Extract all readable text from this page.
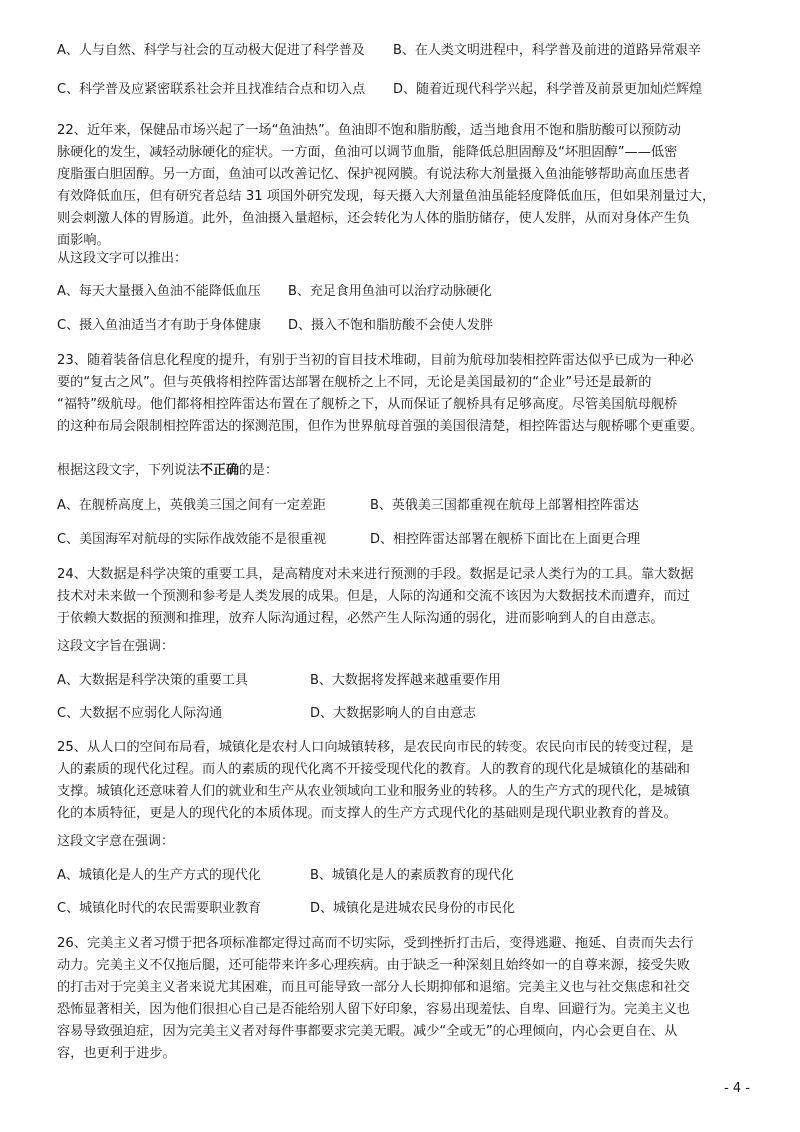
A、人与自然、科学与社会的互动极大促进了科学普及 B、在人类文明进程中，科学普及前进的道路异常艰辛
C、科学普及应紧密联系社会并且找准结合点和切入点 D、随着近现代科学兴起，科学普及前景更加灿烂辉煌
22、近年来，保健品市场兴起了一场“鱼油热”。鱼油即不饱和脂肪酸，适当地食用不饱和脂肪酸可以预防动
脉硬化的发生，减轻动脉硬化的症状。一方面，鱼油可以调节血脂，能降低总胆固醇及“坏胆固醇”——低密
度脂蛋白胆固醇。另一方面，鱼油可以改善记忆、保护视网膜。有说法称大剂量摄入鱼油能够帮助高血压患者
有效降低血压，但有研究者总结 31 项国外研究发现，每天摄入大剂量鱼油虽能轻度降低血压，但如果剂量过大，
则会刺激人体的胃肠道。此外，鱼油摄入量超标，还会转化为人体的脂肪储存，使人发胖，从而对身体产生负
面影响。
从这段文字可以推出：
A、每天大量摄入鱼油不能降低血压 B、充足食用鱼油可以治疗动脉硬化
C、摄入鱼油适当才有助于身体健康 D、摄入不饱和脂肪酸不会使人发胖
23、随着装备信息化程度的提升，有别于当初的盲目技术堆砌，目前为航母加装相控阵雷达似乎已成为一种必
要的“复古之风”。但与英俄将相控阵雷达部署在舰桥之上不同，无论是美国最初的“企业”号还是最新的
“福特”级航母。他们都将相控阵雷达布置在了舰桥之下，从而保证了舰桥具有足够高度。尽管美国航母舰桥
的这种布局会限制相控阵雷达的探测范围，但作为世界航母首强的美国很清楚，相控阵雷达与舰桥哪个更重要。
根据这段文字，下列说法不正确的是：
A、在舰桥高度上，英俄美三国之间有一定差距	B、英俄美三国都重视在航母上部署相控阵雷达
C、美国海军对航母的实际作战效能不是很重视	D、相控阵雷达部署在舰桥下面比在上面更合理
24、大数据是科学决策的重要工具，是高精度对未来进行预测的手段。数据是记录人类行为的工具。靠大数据
技术对未来做一个预测和参考是人类发展的成果。但是，人际的沟通和交流不该因为大数据技术而遭弃，而过
于依赖大数据的预测和推理，放弃人际沟通过程，必然产生人际沟通的弱化，进而影响到人的自由意志。
这段文字旨在强调：
A、大数据是科学决策的重要工具	B、大数据将发挥越来越重要作用
C、大数据不应弱化人际沟通	D、大数据影响人的自由意志
25、从人口的空间布局看，城镇化是农村人口向城镇转移，是农民向市民的转变。农民向市民的转变过程，是
人的素质的现代化过程。而人的素质的现代化离不开接受现代化的教育。人的教育的现代化是城镇化的基础和
支撑。城镇化还意味着人们的就业和生产从农业领域向工业和服务业的转移。人的生产方式的现代化，是城镇
化的本质特征，更是人的现代化的本质体现。而支撑人的生产方式现代化的基础则是现代职业教育的普及。
这段文字意在强调：
A、城镇化是人的生产方式的现代化	B、城镇化是人的素质教育的现代化
C、城镇化时代的农民需要职业教育	D、城镇化是进城农民身份的市民化
26、完美主义者习惯于把各项标准都定得过高而不切实际，受到挫折打击后，变得逃避、拖延、自责而失去行
动力。完美主义不仅拖后腿，还可能带来许多心理疾病。由于缺乏一种深刻且始终如一的自尊来源，接受失败
的打击对于完美主义者来说尤其困难，而且可能导致一部分人长期抑郁和退缩。完美主义也与社交焦虑和社交
恐怖显著相关，因为他们很担心自己是否能给别人留下好印象，容易出现羞怯、自卑、回避行为。完美主义也
容易导致强迫症，因为完美主义者对每件事都要求完美无暇。减少“全或无”的心理倾向，内心会更自在、从
容，也更利于进步。
- 4 -
